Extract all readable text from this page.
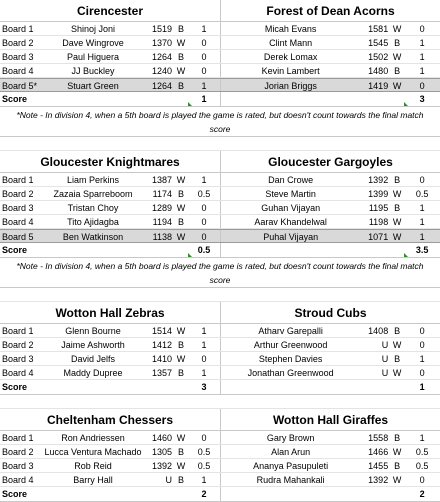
Cirencester	Forest of Dean Acorns
Board 1	Shinoj Joni	1519 B	1	Micah Evans	1581 W	0
Board 2	Dave Wingrove	1370 W	0	Clint Mann	1545 B	1
Board 3	Paul Higuera	1264 B	0	Derek Lomax	1502 W	1
Board 4	JJ Buckley	1240 W	0	Kevin Lambert	1480 B	1
Board 5*	Stuart Green	1264 B	1	Jorian Briggs	1419 W	0
Score	1	3
*Note - In division 4, when a 5th board is played the game is rated, but doesn't count towards the final match score
Gloucester Knightmares	Gloucester Gargoyles
Board 1	Liam Perkins	1387 W	1	Dan Crowe	1392 B	0
Board 2	Zazaia Sparreboom	1174 B	0.5	Steve Martin	1399 W	0.5
Board 3	Tristan Choy	1289 W	0	Guhan Vijayan	1195 B	1
Board 4	Tito Ajidagba	1194 B	0	Aarav Khandelwal	1198 W	1
Board 5	Ben Watkinson	1138 W	0	Puhal Vijayan	1071 W	1
Score	0.5	3.5
*Note - In division 4, when a 5th board is played the game is rated, but doesn't count towards the final match score
Wotton Hall Zebras	Stroud Cubs
Board 1	Glenn Bourne	1514 W	1	Atharv Garepalli	1408 B	0
Board 2	Jaime Ashworth	1412 B	1	Arthur Greenwood	U W	0
Board 3	David Jelfs	1410 W	0	Stephen Davies	U B	1
Board 4	Maddy Dupree	1357 B	1	Jonathan Greenwood	U W	0
Score	3	1
Cheltenham Chessers	Wotton Hall Giraffes
Board 1	Ron Andriessen	1460 W	0	Gary Brown	1558 B	1
Board 2	Lucca Ventura Machado	1305 B	0.5	Alan Arun	1466 W	0.5
Board 3	Rob Reid	1392 W	0.5	Ananya Pasupuleti	1455 B	0.5
Board 4	Barry Hall	U B	1	Rudra Mahankali	1392 W	0
Score	2	2
